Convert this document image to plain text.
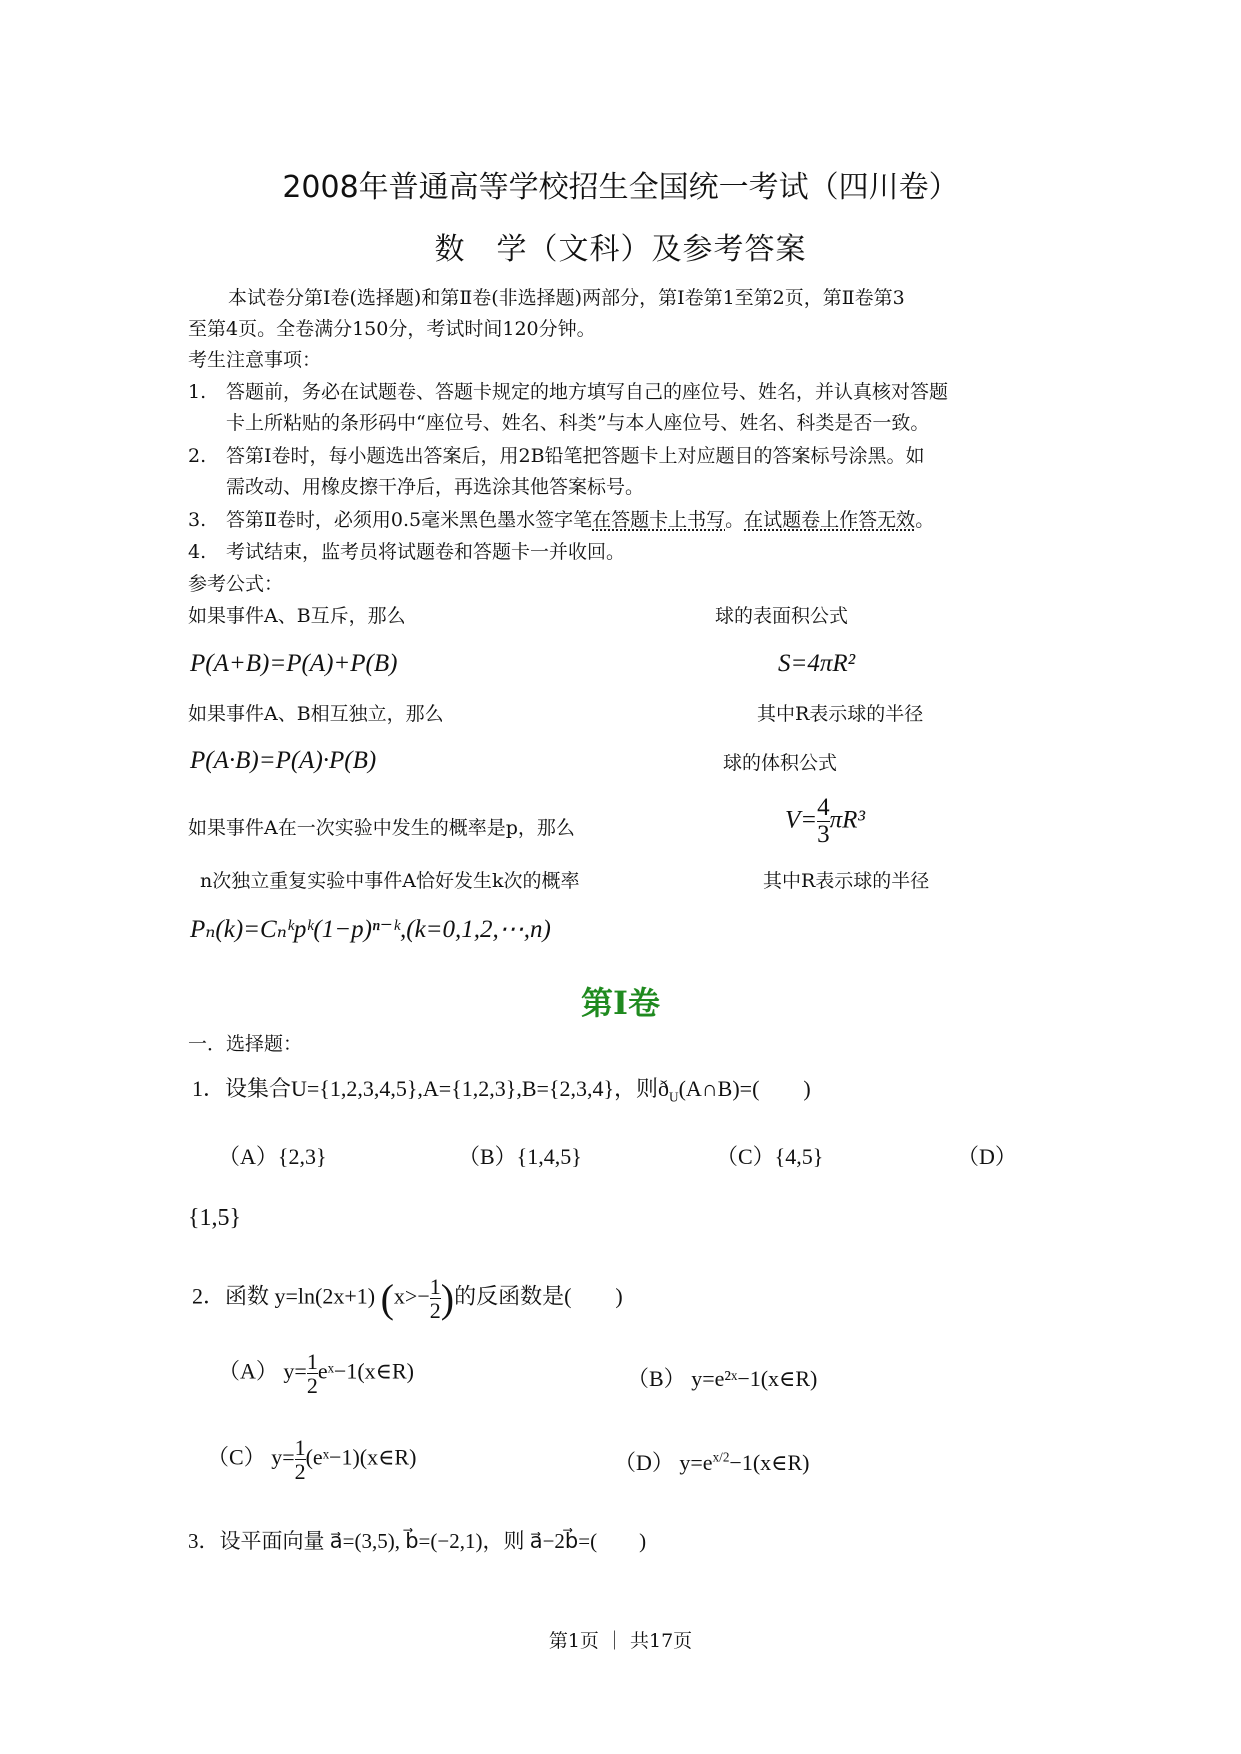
2008年普通高等学校招生全国统一考试（四川卷）
数　学（文科）及参考答案
本试卷分第Ⅰ卷(选择题)和第Ⅱ卷(非选择题)两部分，第Ⅰ卷第1至第2页，第Ⅱ卷第3
至第4页。全卷满分150分，考试时间120分钟。
考生注意事项：
1. 答题前，务必在试题卷、答题卡规定的地方填写自己的座位号、姓名，并认真核对答题
卡上所粘贴的条形码中“座位号、姓名、科类”与本人座位号、姓名、科类是否一致。
2. 答第Ⅰ卷时，每小题选出答案后，用2B铅笔把答题卡上对应题目的答案标号涂黑。如
需改动、用橡皮擦干净后，再选涂其他答案标号。
3. 答第Ⅱ卷时，必须用0.5毫米黑色墨水签字笔在答题卡上书写。在试题卷上作答无效。
4. 考试结束，监考员将试题卷和答题卡一并收回。
参考公式：
如果事件A、B互斥，那么
P(A+B)=P(A)+P(B)
如果事件A、B相互独立，那么
P(A·B)=P(A)·P(B)
如果事件A在一次实验中发生的概率是p，那么
n次独立重复实验中事件A恰好发生k次的概率
Pₙ(k)=Cₙᵏpᵏ(1−p)ⁿ⁻ᵏ,(k=0,1,2,⋯,n)
球的表面积公式
S=4πR²
其中R表示球的半径
球的体积公式
$V= \frac{4}{3} \pi R^3$
其中R表示球的半径
第Ⅰ卷
一．选择题：
1．设集合U={1,2,3,4,5},A={1,2,3},B={2,3,4}，则$ð_U(A\cap B)=$(　　)
（A）{2,3}	（B）{1,4,5}	（C）{4,5}	（D）
{1,5}
2．函数 y=ln(2x+1) ($x>- \frac{1}{2}$ )的反函数是(　　)
（A） $y= \frac{1}{2}$ eˣ−1(x∈R)	（B） y=e²ˣ−1(x∈R)
（C） $y= \frac{1}{2}$ (eˣ−1)(x∈R)	（D） $y=e^{x/2}-1(x\in R)$
3．设平面向量 a⃗=(3,5), b⃗=(−2,1)，则 a⃗−2b⃗=(　　)
第1页 ｜ 共17页
